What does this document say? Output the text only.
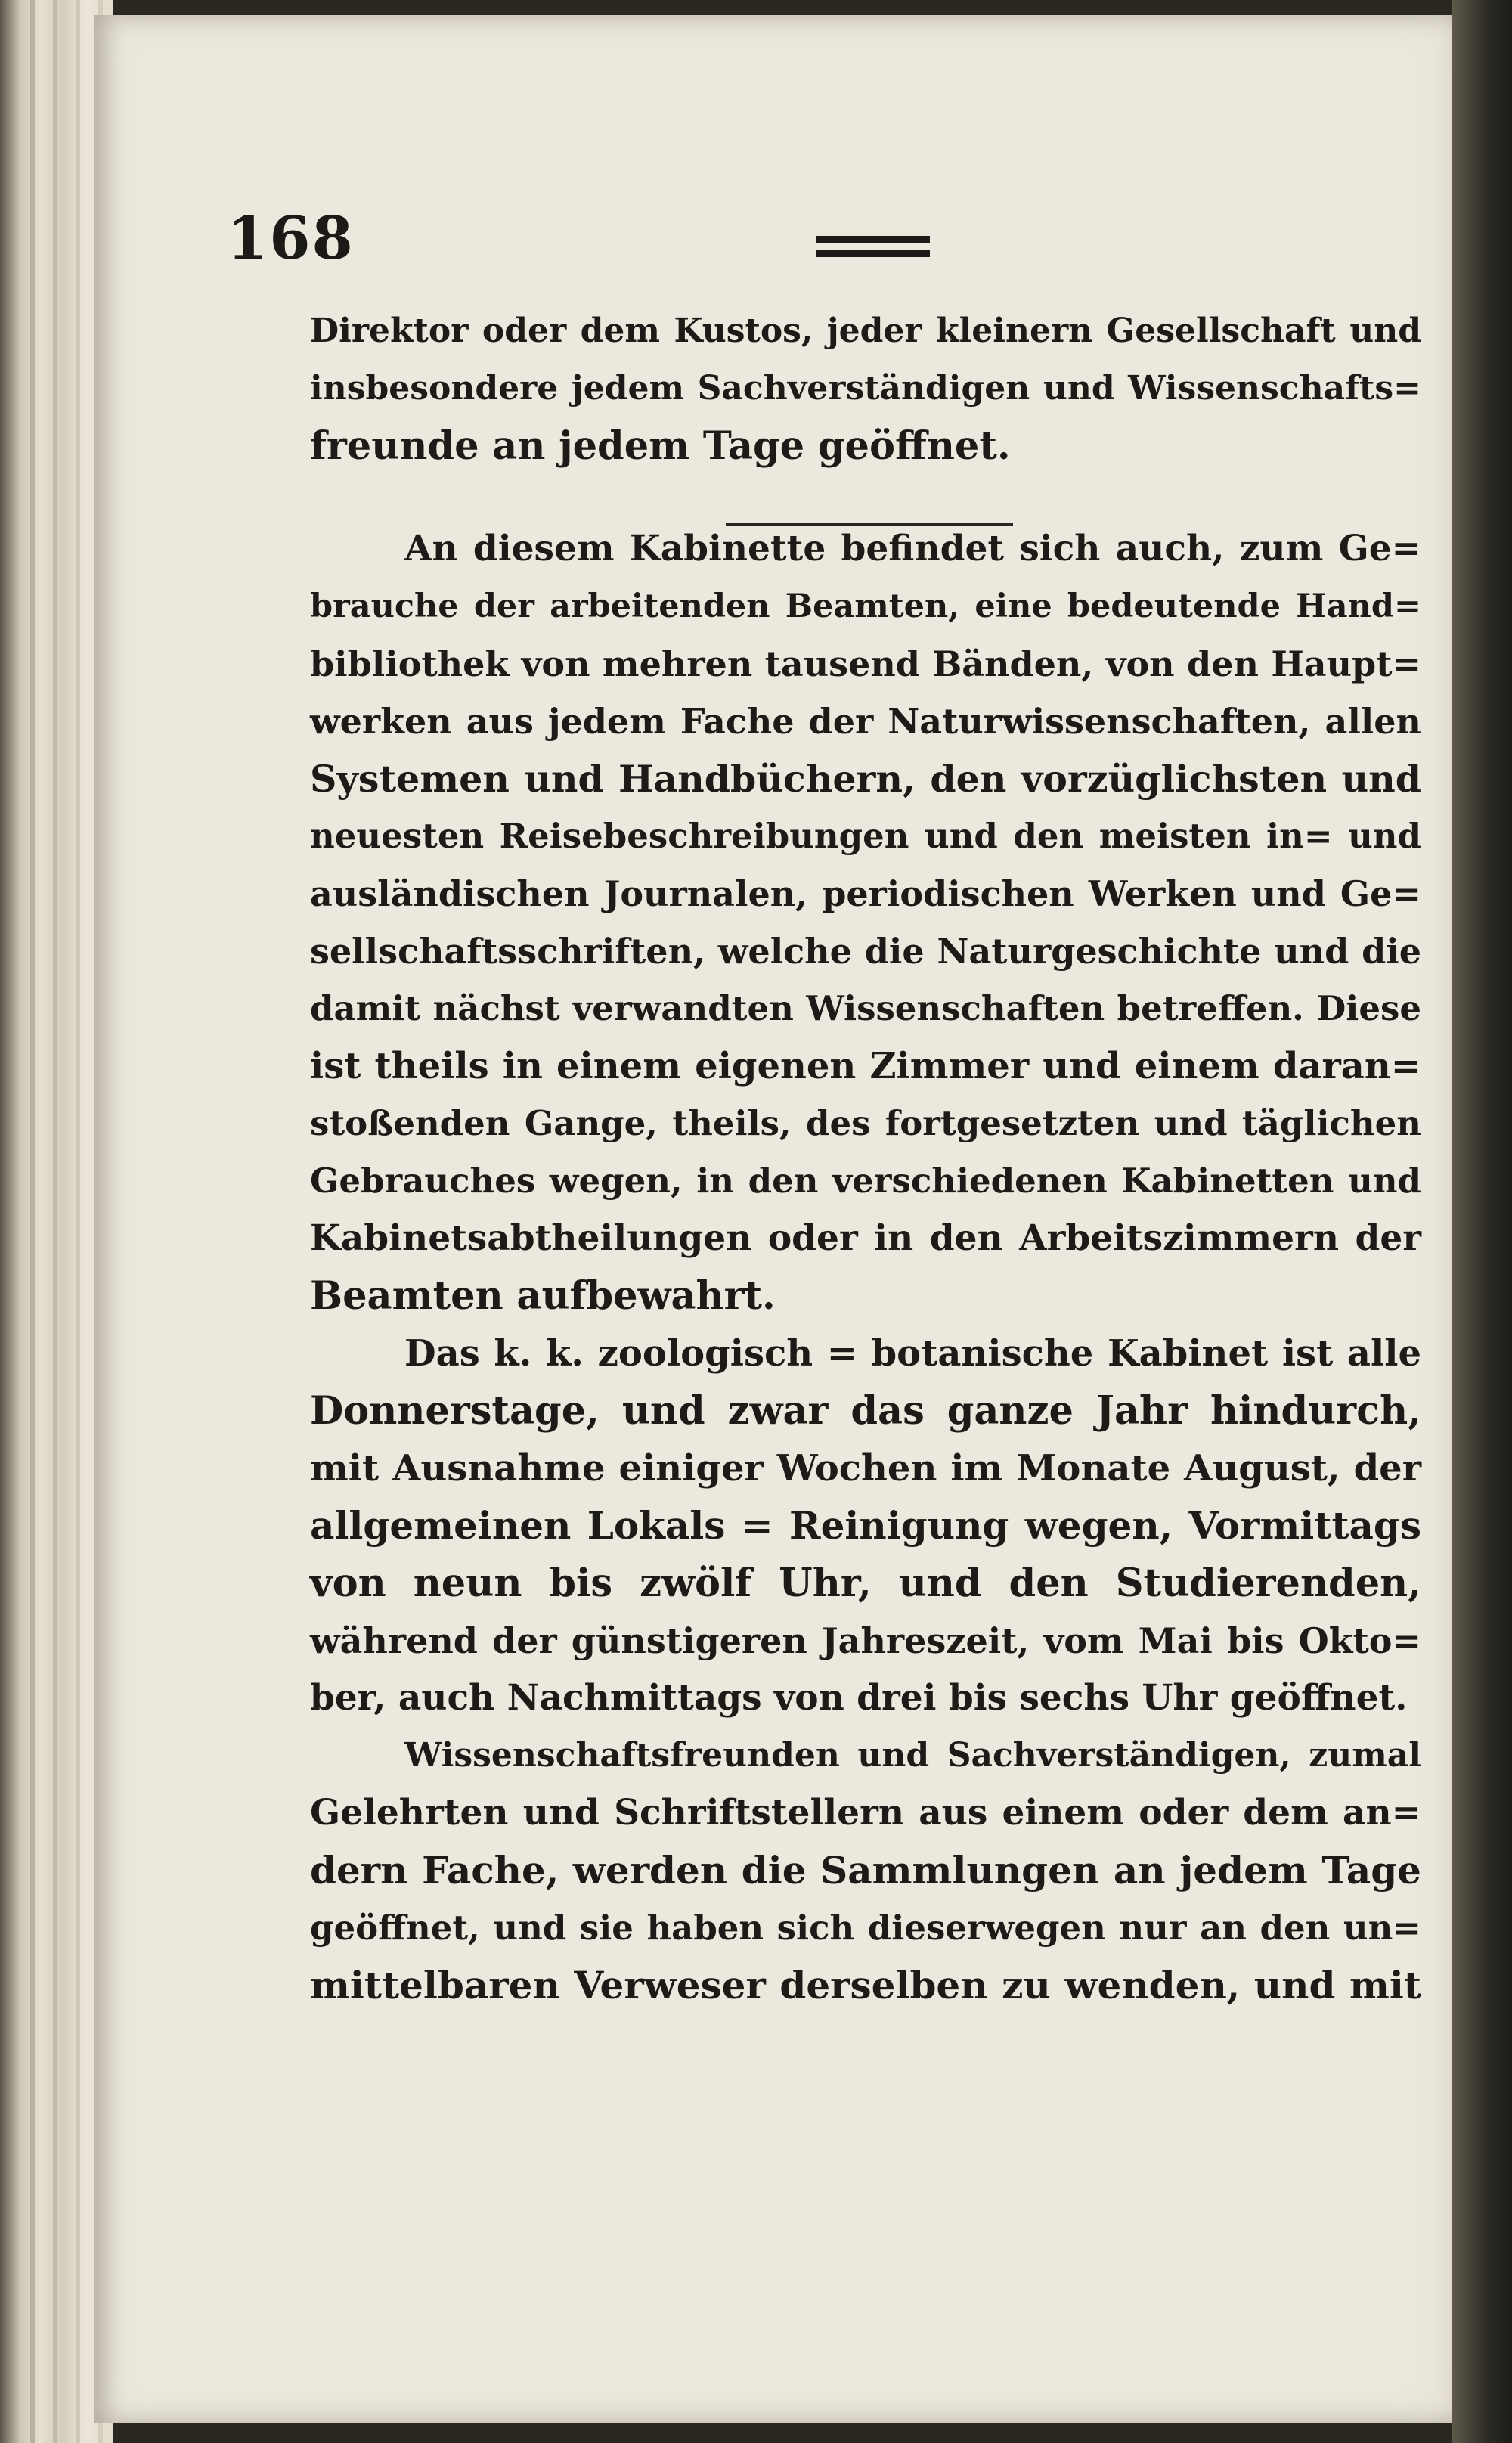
168
Direktor oder dem Kustos, jeder kleinern Gesellschaft und
insbesondere jedem Sachverständigen und Wissenschafts=
freunde an jedem Tage geöffnet.
An diesem Kabinette befindet sich auch, zum Ge=
brauche der arbeitenden Beamten, eine bedeutende Hand=
bibliothek von mehren tausend Bänden, von den Haupt=
werken aus jedem Fache der Naturwissenschaften, allen
Systemen und Handbüchern, den vorzüglichsten und
neuesten Reisebeschreibungen und den meisten in= und
ausländischen Journalen, periodischen Werken und Ge=
sellschaftsschriften, welche die Naturgeschichte und die
damit nächst verwandten Wissenschaften betreffen. Diese
ist theils in einem eigenen Zimmer und einem daran=
stoßenden Gange, theils, des fortgesetzten und täglichen
Gebrauches wegen, in den verschiedenen Kabinetten und
Kabinetsabtheilungen oder in den Arbeitszimmern der
Beamten aufbewahrt.
Das k. k. zoologisch = botanische Kabinet ist alle
Donnerstage, und zwar das ganze Jahr hindurch,
mit Ausnahme einiger Wochen im Monate August, der
allgemeinen Lokals = Reinigung wegen, Vormittags
von neun bis zwölf Uhr, und den Studierenden,
während der günstigeren Jahreszeit, vom Mai bis Okto=
ber, auch Nachmittags von drei bis sechs Uhr geöffnet.
Wissenschaftsfreunden und Sachverständigen, zumal
Gelehrten und Schriftstellern aus einem oder dem an=
dern Fache, werden die Sammlungen an jedem Tage
geöffnet, und sie haben sich dieserwegen nur an den un=
mittelbaren Verweser derselben zu wenden, und mit
